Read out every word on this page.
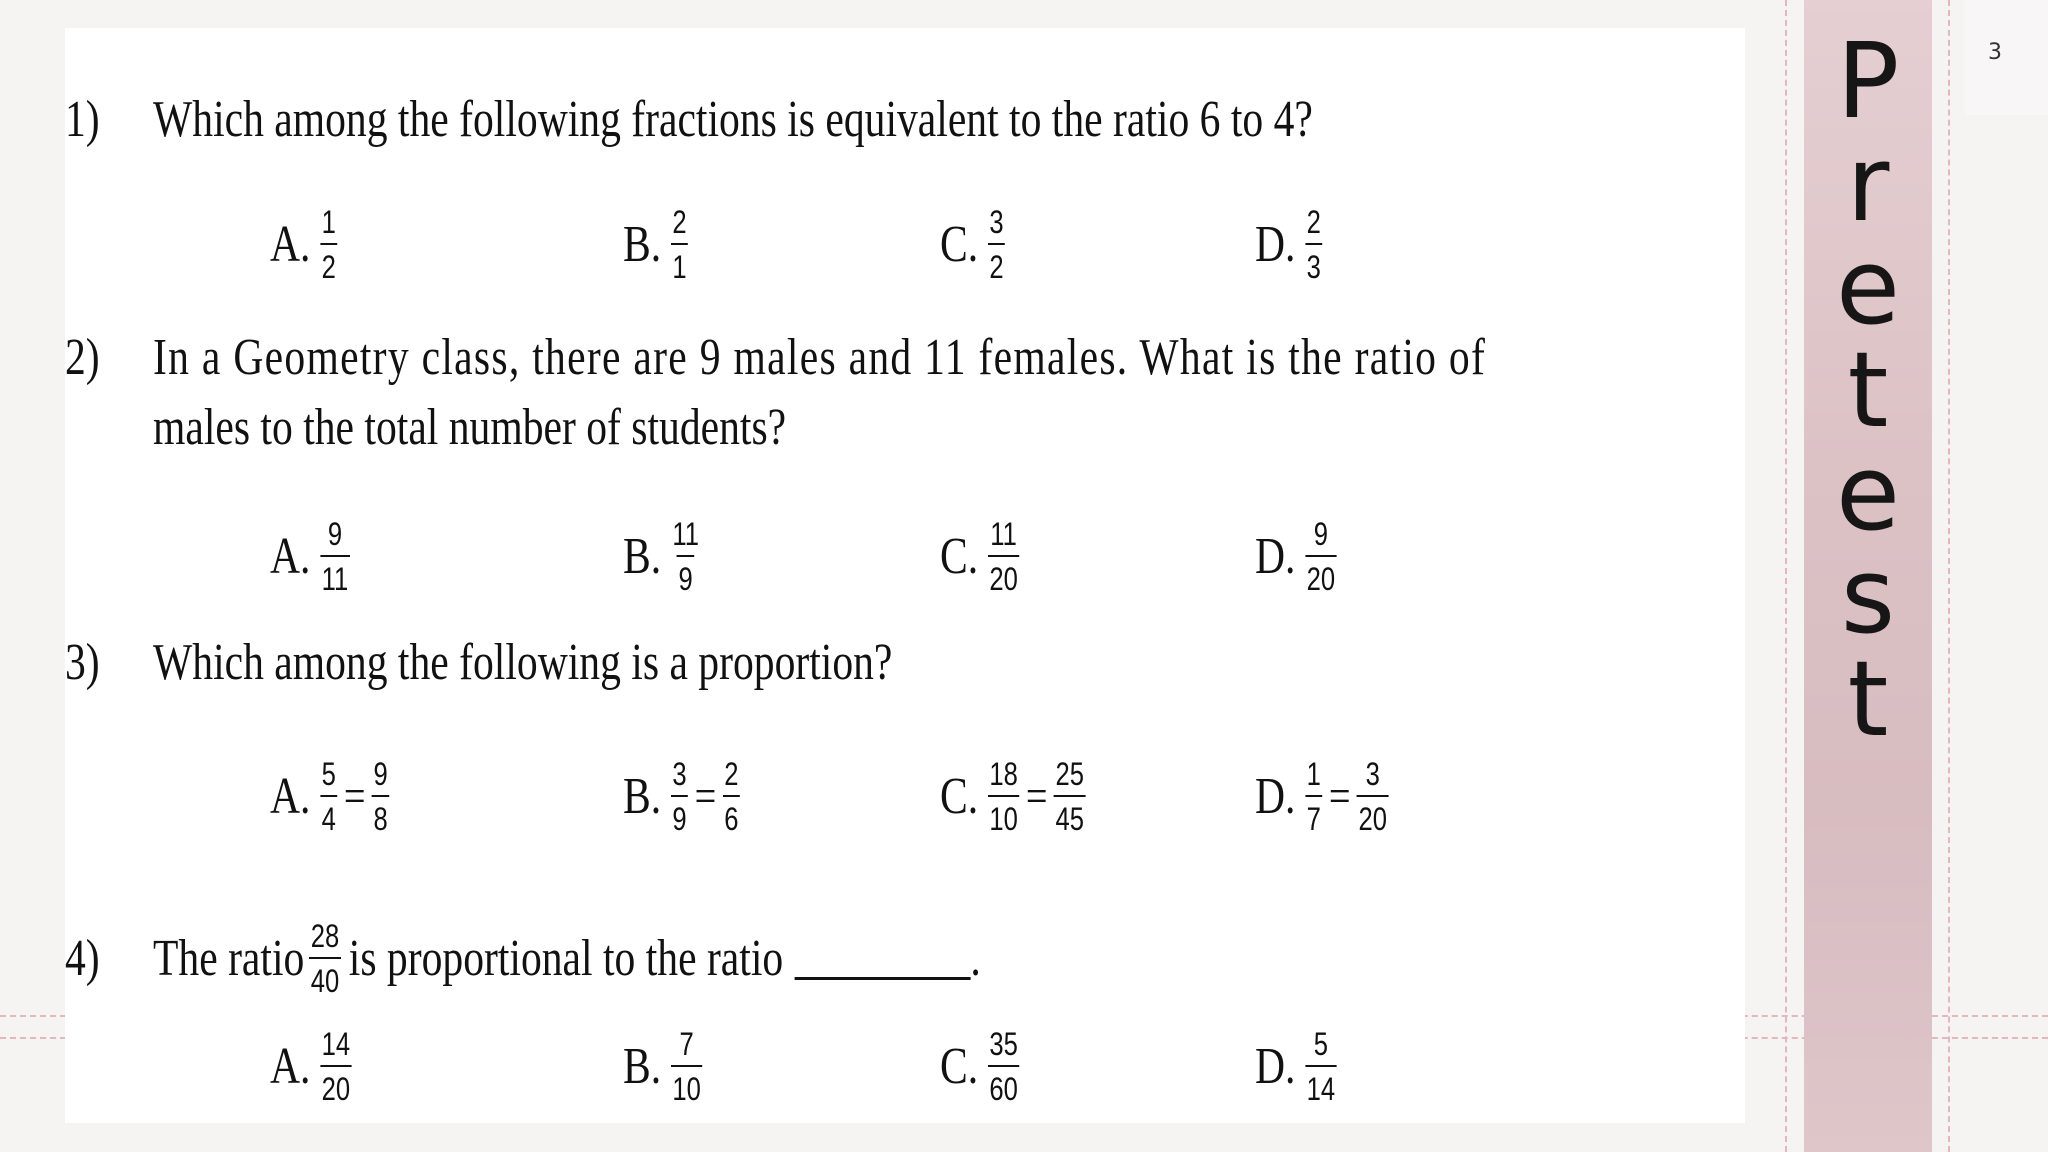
3
P
r
e
t
e
s
t
1) Which among the following fractions is equivalent to the ratio 6 to 4?
A. $\frac{1}{2}$	B. $\frac{2}{1}$	C. $\frac{3}{2}$	D. $\frac{2}{3}$
2) In a Geometry class, there are 9 males and 11 females. What is the ratio of
males to the total number of students?
A. $\frac{9}{11}$	B. $\frac{11}{9}$	C. $\frac{11}{20}$	D. $\frac{9}{20}$
3) Which among the following is a proportion?
A. $\frac{5}{4} = \frac{9}{8}$	B. $\frac{3}{9} = \frac{2}{6}$	C. $\frac{18}{10} = \frac{25}{45}$	D. $\frac{1}{7} = \frac{3}{20}$
4)	The ratio $\frac{28}{40}$ is proportional to the ratio	.
A. $\frac{14}{20}$	B. $\frac{7}{10}$	C. $\frac{35}{60}$	D. $\frac{5}{14}$
